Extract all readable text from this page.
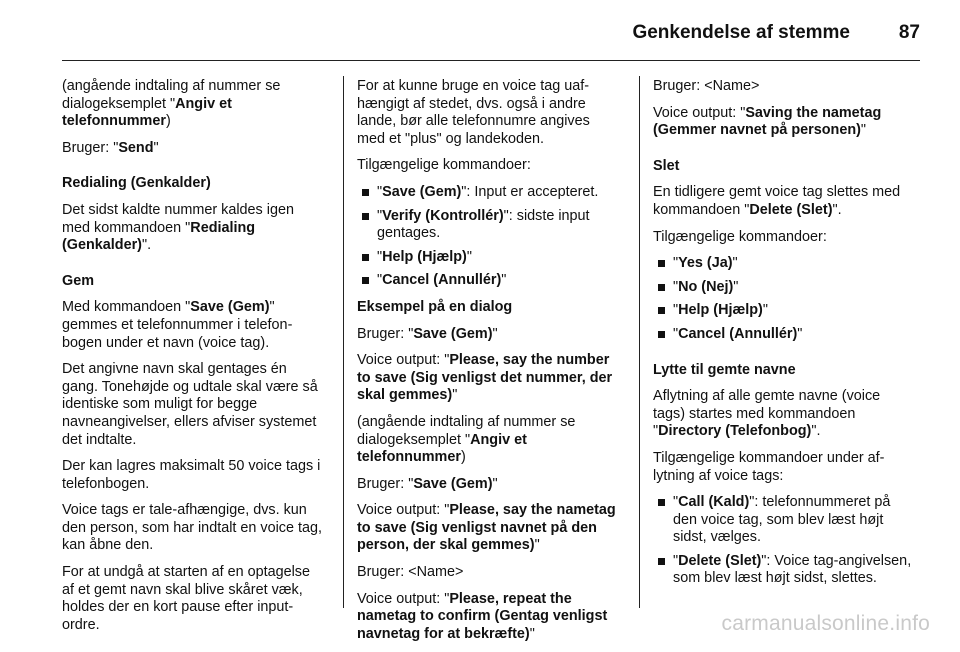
Genkendelse af stemme	87

(angående indtaling af nummer se dialogeksemplet "Angiv et telefonnummer)

Bruger: "Send"

Redialing (Genkalder)

Det sidst kaldte nummer kaldes igen med kommandoen "Redialing (Genkalder)".

Gem

Med kommandoen "Save (Gem)" gemmes et telefonnummer i telefonbogen under et navn (voice tag).

Det angivne navn skal gentages én gang. Tonehøjde og udtale skal være så identiske som muligt for begge navneangivelser, ellers afviser systemet det indtalte.

Der kan lagres maksimalt 50 voice tags i telefonbogen.

Voice tags er tale-afhængige, dvs. kun den person, som har indtalt en voice tag, kan åbne den.

For at undgå at starten af en optagelse af et gemt navn skal blive skåret væk, holdes der en kort pause efter input-ordre.

For at kunne bruge en voice tag uafhængigt af stedet, dvs. også i andre lande, bør alle telefonnumre angives med et "plus" og landekoden.

Tilgængelige kommandoer:

"Save (Gem)": Input er accepteret.
"Verify (Kontrollér)": sidste input gentages.
"Help (Hjælp)"
"Cancel (Annullér)"

Eksempel på en dialog

Bruger: "Save (Gem)"

Voice output: "Please, say the number to save (Sig venligst det nummer, der skal gemmes)"

(angående indtaling af nummer se dialogeksemplet "Angiv et telefonnummer)

Bruger: "Save (Gem)"

Voice output: "Please, say the nametag to save (Sig venligst navnet på den person, der skal gemmes)"

Bruger: <Name>

Voice output: "Please, repeat the nametag to confirm (Gentag venligst navnetag for at bekræfte)"

Bruger: <Name>

Voice output: "Saving the nametag (Gemmer navnet på personen)"

Slet

En tidligere gemt voice tag slettes med kommandoen "Delete (Slet)".

Tilgængelige kommandoer:

"Yes (Ja)"
"No (Nej)"
"Help (Hjælp)"
"Cancel (Annullér)"

Lytte til gemte navne

Aflytning af alle gemte navne (voice tags) startes med kommandoen "Directory (Telefonbog)".

Tilgængelige kommandoer under aflytning af voice tags:

"Call (Kald)": telefonnummeret på den voice tag, som blev læst højt sidst, vælges.
"Delete (Slet)": Voice tag-angivelsen, som blev læst højt sidst, slettes.
carmanualsonline.info
